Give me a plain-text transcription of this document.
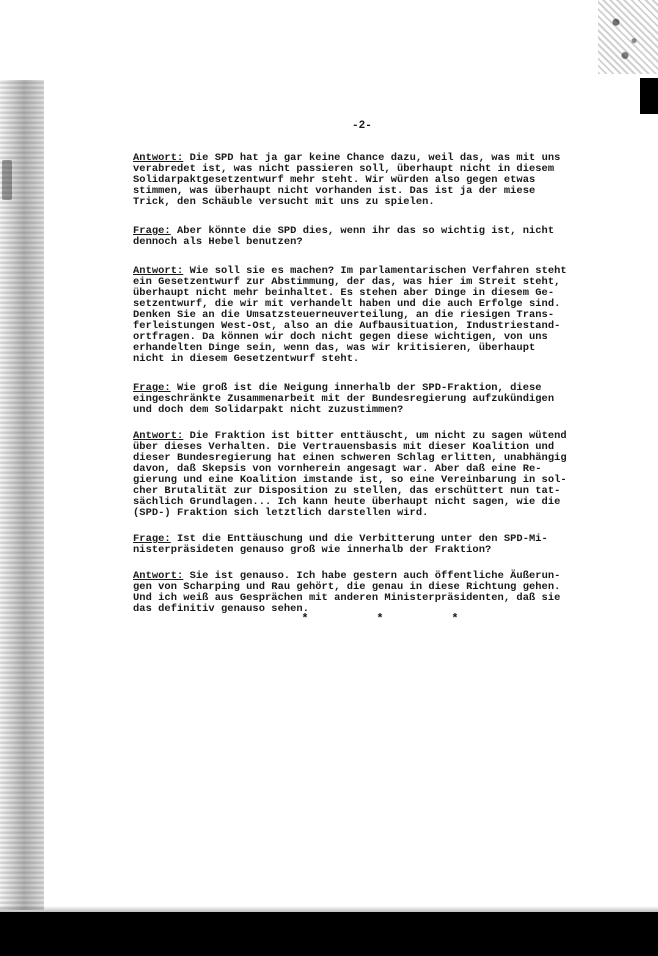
-2-

Antwort: Die SPD hat ja gar keine Chance dazu, weil das, was mit uns
verabredet ist, was nicht passieren soll, überhaupt nicht in diesem
Solidarpaktgesetzentwurf mehr steht. Wir würden also gegen etwas
stimmen, was überhaupt nicht vorhanden ist. Das ist ja der miese
Trick, den Schäuble versucht mit uns zu spielen.

Frage: Aber könnte die SPD dies, wenn ihr das so wichtig ist, nicht
dennoch als Hebel benutzen?

Antwort: Wie soll sie es machen? Im parlamentarischen Verfahren steht
ein Gesetzentwurf zur Abstimmung, der das, was hier im Streit steht,
überhaupt nicht mehr beinhaltet. Es stehen aber Dinge in diesem Ge-
setzentwurf, die wir mit verhandelt haben und die auch Erfolge sind.
Denken Sie an die Umsatzsteuerneuverteilung, an die riesigen Trans-
ferleistungen West-Ost, also an die Aufbausituation, Industriestand-
ortfragen. Da können wir doch nicht gegen diese wichtigen, von uns
erhandelten Dinge sein, wenn das, was wir kritisieren, überhaupt
nicht in diesem Gesetzentwurf steht.

Frage: Wie groß ist die Neigung innerhalb der SPD-Fraktion, diese
eingeschränkte Zusammenarbeit mit der Bundesregierung aufzukündigen
und doch dem Solidarpakt nicht zuzustimmen?

Antwort: Die Fraktion ist bitter enttäuscht, um nicht zu sagen wütend
über dieses Verhalten. Die Vertrauensbasis mit dieser Koalition und
dieser Bundesregierung hat einen schweren Schlag erlitten, unabhängig
davon, daß Skepsis von vornherein angesagt war. Aber daß eine Re-
gierung und eine Koalition imstande ist, so eine Vereinbarung in sol-
cher Brutalität zur Disposition zu stellen, das erschüttert nun tat-
sächlich Grundlagen... Ich kann heute überhaupt nicht sagen, wie die
(SPD-) Fraktion sich letztlich darstellen wird.

Frage: Ist die Enttäuschung und die Verbitterung unter den SPD-Mi-
nisterpräsideten genauso groß wie innerhalb der Fraktion?

Antwort: Sie ist genauso. Ich habe gestern auch öffentliche Äußerun-
gen von Scharping und Rau gehört, die genau in diese Richtung gehen.
Und ich weiß aus Gesprächen mit anderen Ministerpräsidenten, daß sie
das definitiv genauso sehen.

*	*	*
